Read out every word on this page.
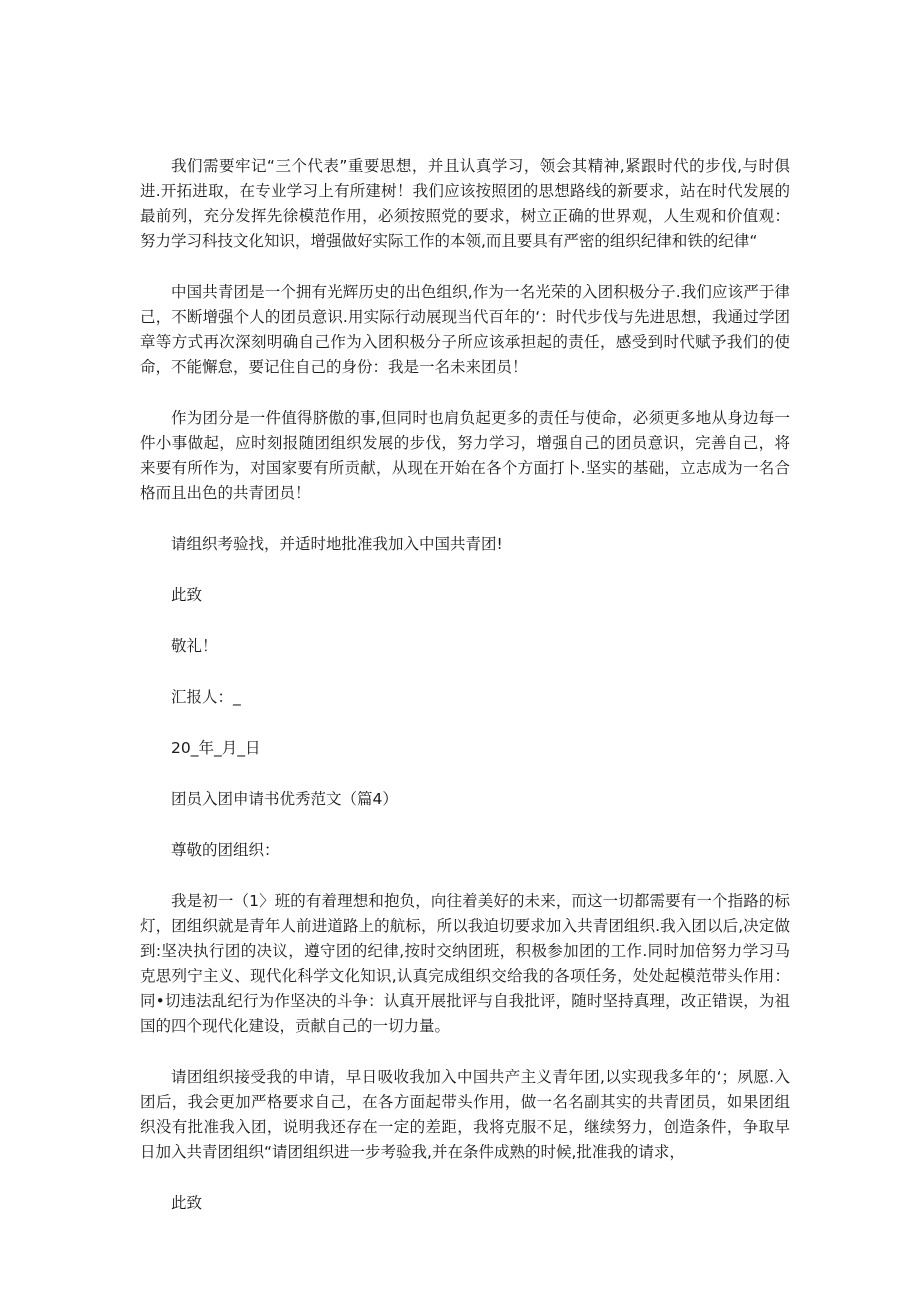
我们需要牢记“三个代表”重要思想，并且认真学习，领会其精神,紧跟时代的步伐,与时俱进.开拓进取，在专业学习上有所建树！我们应该按照团的思想路线的新要求，站在时代发展的最前列，充分发挥先徐模范作用，必须按照党的要求，树立正确的世界观，人生观和价值观：努力学习科技文化知识，增强做好实际工作的本领,而且要具有严密的组织纪律和铁的纪律“

中国共青团是一个拥有光辉历史的出色组织,作为一名光荣的入团积极分子.我们应该严于律己，不断增强个人的团员意识.用实际行动展现当代百年的‘：时代步伐与先进思想，我通过学团章等方式再次深刻明确自己作为入团积极分子所应该承担起的责任，感受到时代赋予我们的使命，不能懈怠，要记住自己的身份：我是一名未来团员！

作为团分是一件值得脐傲的事,但同时也肩负起更多的责任与使命，必须更多地从身边每一件小事做起，应时刻报随团组织发展的步伐，努力学习，增强自己的团员意识，完善自己，将来要有所作为，对国家要有所贡献，从现在开始在各个方面打卜.坚实的基础，立志成为一名合格而且出色的共青团员！

请组织考验找，并适时地批准我加入中国共青团!

此致

敬礼！

汇报人：_

20_年_月_日

团员入团申请书优秀范文（篇4）

尊敬的团组织：

我是初一（1〉班的有着理想和抱负，向往着美好的未来，而这一切都需要有一个指路的标灯，团组织就是青年人前进道路上的航标，所以我迫切要求加入共青团组织.我入团以后,决定做到:坚决执行团的决议，遵守团的纪律,按时交纳团班，积极参加团的工作.同时加倍努力学习马克思列宁主义、现代化科学文化知识,认真完成组织交给我的各项任务，处处起模范带头作用：同•切违法乱纪行为作坚决的斗争：认真开展批评与自我批评，随时坚持真理，改正错误，为祖国的四个现代化建设，贡献自己的一切力量。

请团组织接受我的申请，早日吸收我加入中国共产主义青年团,以实现我多年的‘；夙愿.入团后，我会更加严格要求自己，在各方面起带头作用，做一名名副其实的共青团员，如果团组织没有批准我入团，说明我还存在一定的差距，我将克服不足，继续努力，创造条件，争取早日加入共青团组织“请团组织进一步考验我,并在条件成熟的时候,批准我的请求，

此致
